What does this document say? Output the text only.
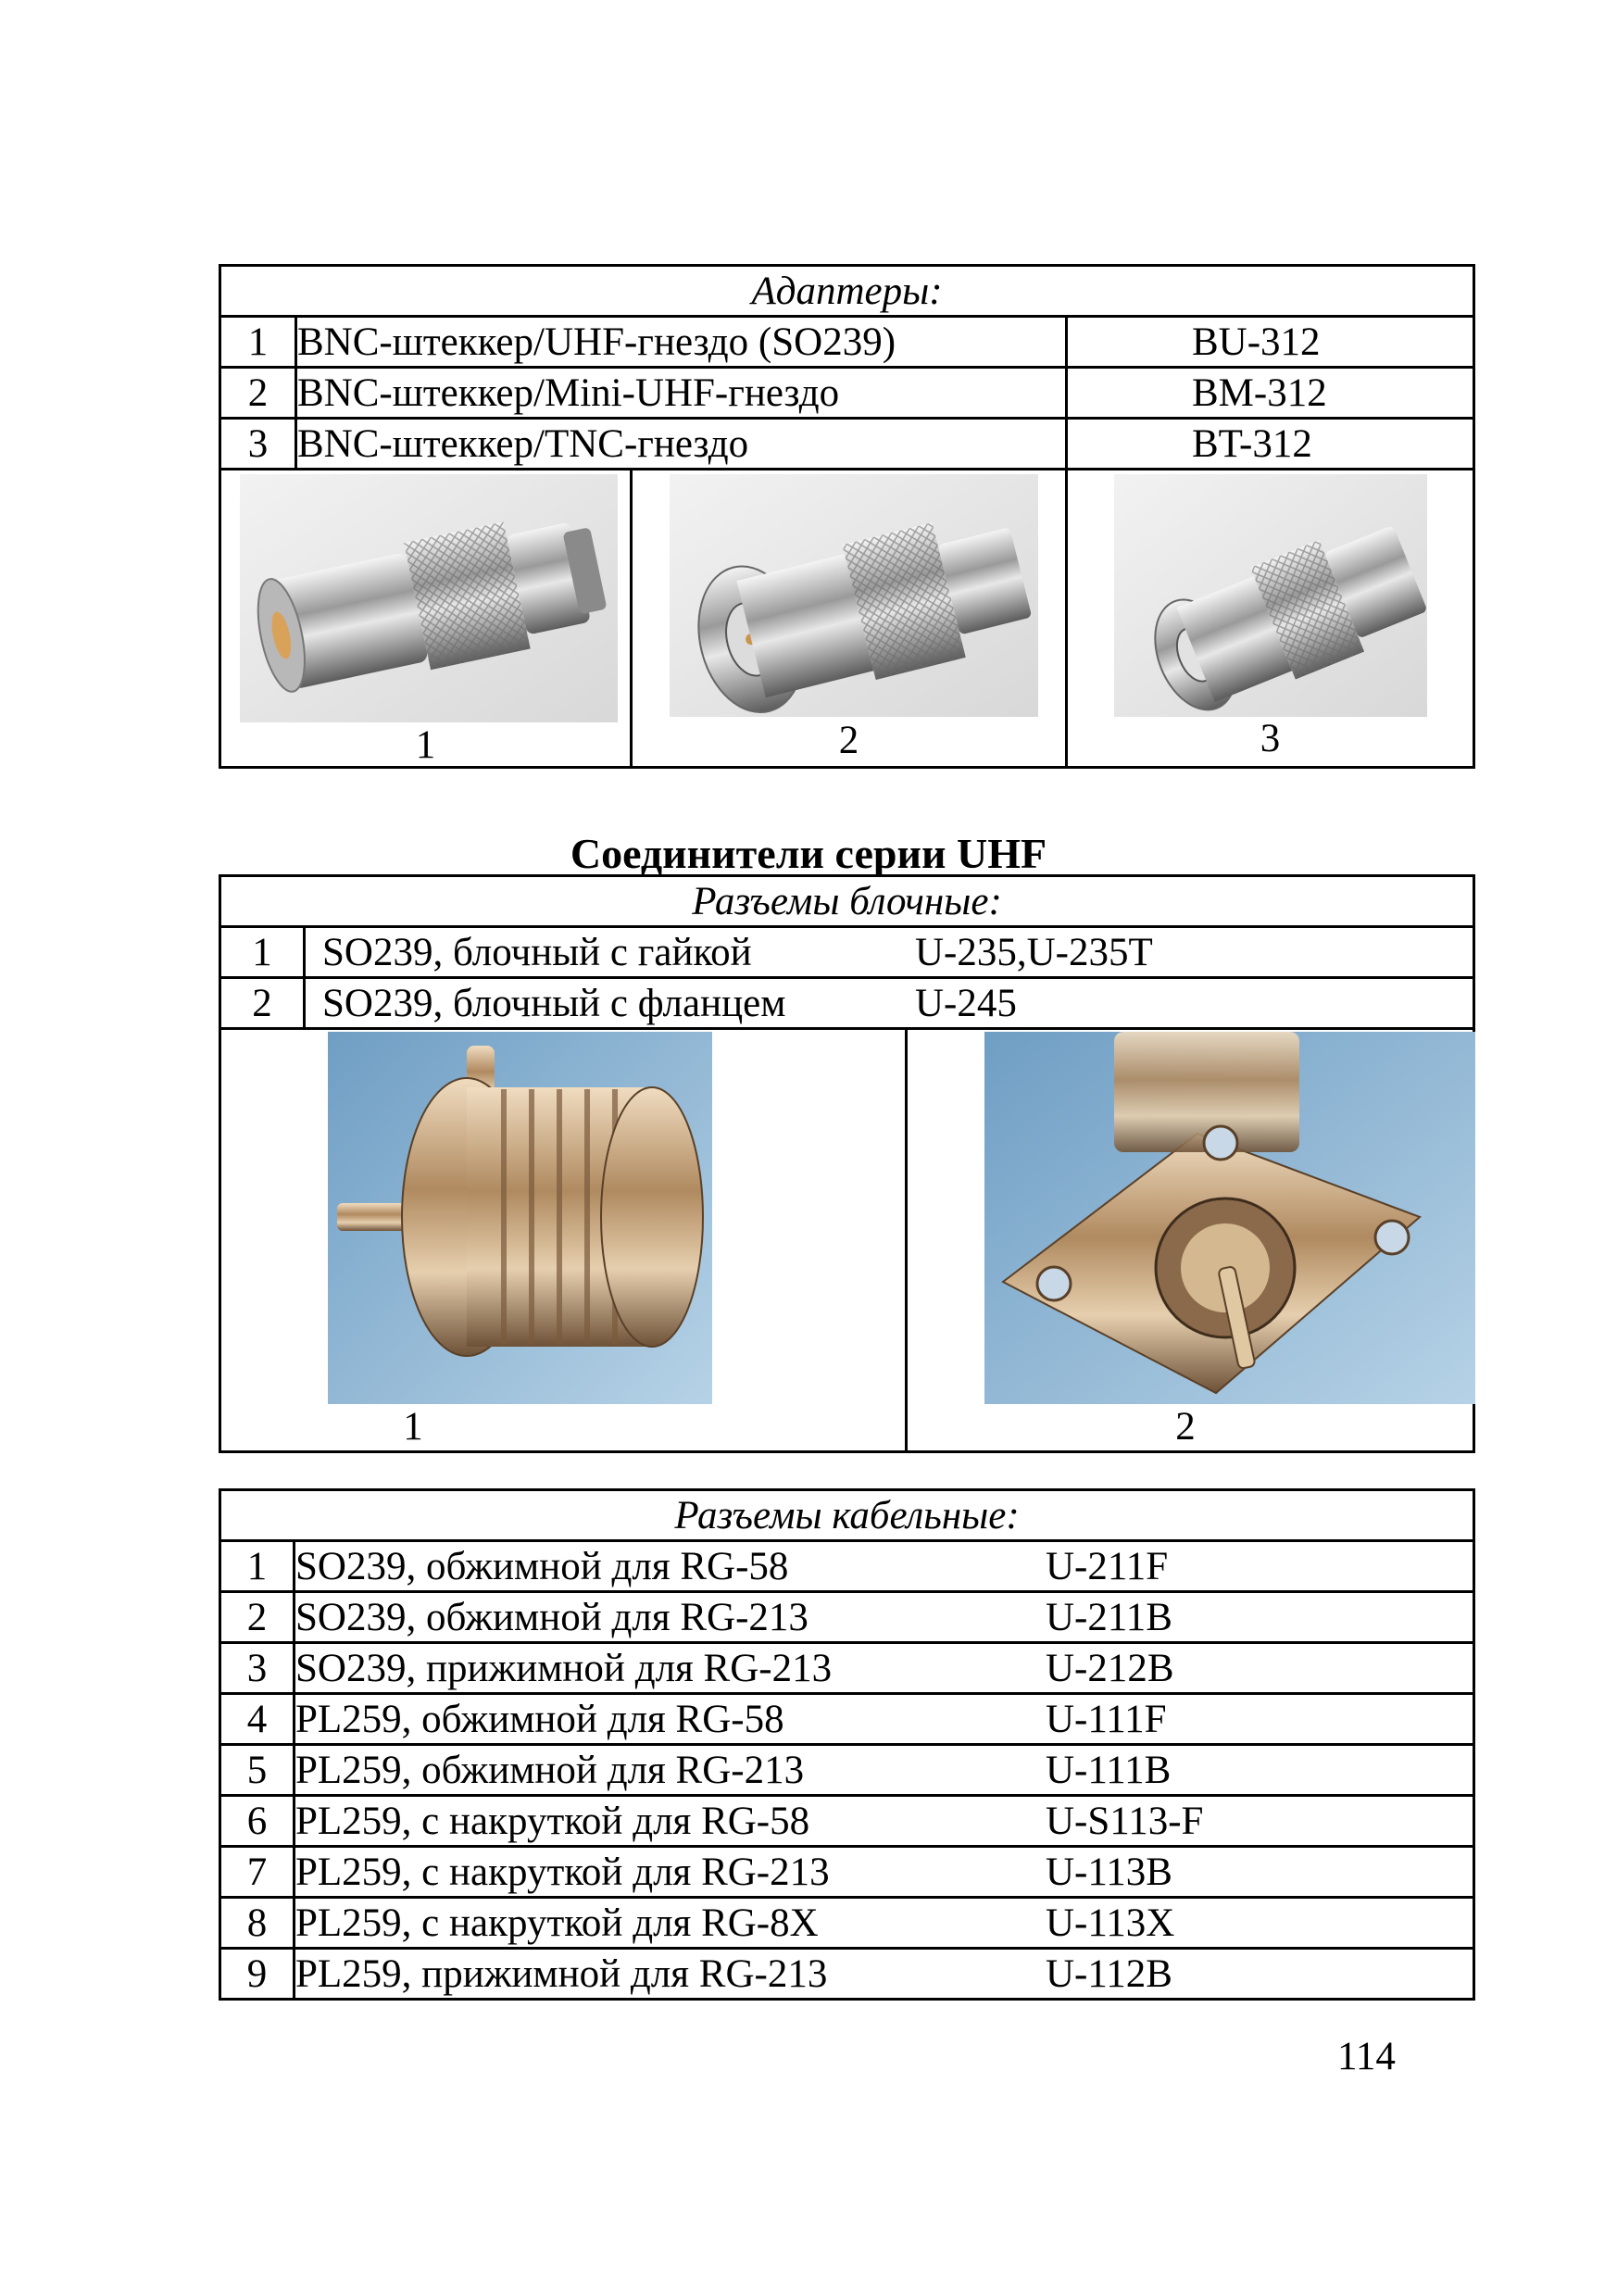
Адаптеры:			
1	BNC-штеккер/UHF-гнездо (SO239)		BU-312
2	BNC-штеккер/Mini-UHF-гнездо		BM-312
3	BNC-штеккер/TNC-гнездо		BT-312

1		2	3
Соединители серии UHF
Разъемы блочные:		
1	SO239, блочный с гайкой U-235,U-235T	
2	SO239, блочный с фланцем U-245	

1		2
Разъемы кабельные:	
1	SO239, обжимной для RG-58 U-211F
2	SO239, обжимной для RG-213 U-211B
3	SO239, прижимной для RG-213 U-212B
4	PL259, обжимной для RG-58 U-111F
5	PL259, обжимной для RG-213 U-111B
6	PL259, с накруткой для RG-58 U-S113-F
7	PL259, с накруткой для RG-213 U-113B
8	PL259, с накруткой для RG-8X U-113X
9	PL259, прижимной для RG-213 U-112B
114
